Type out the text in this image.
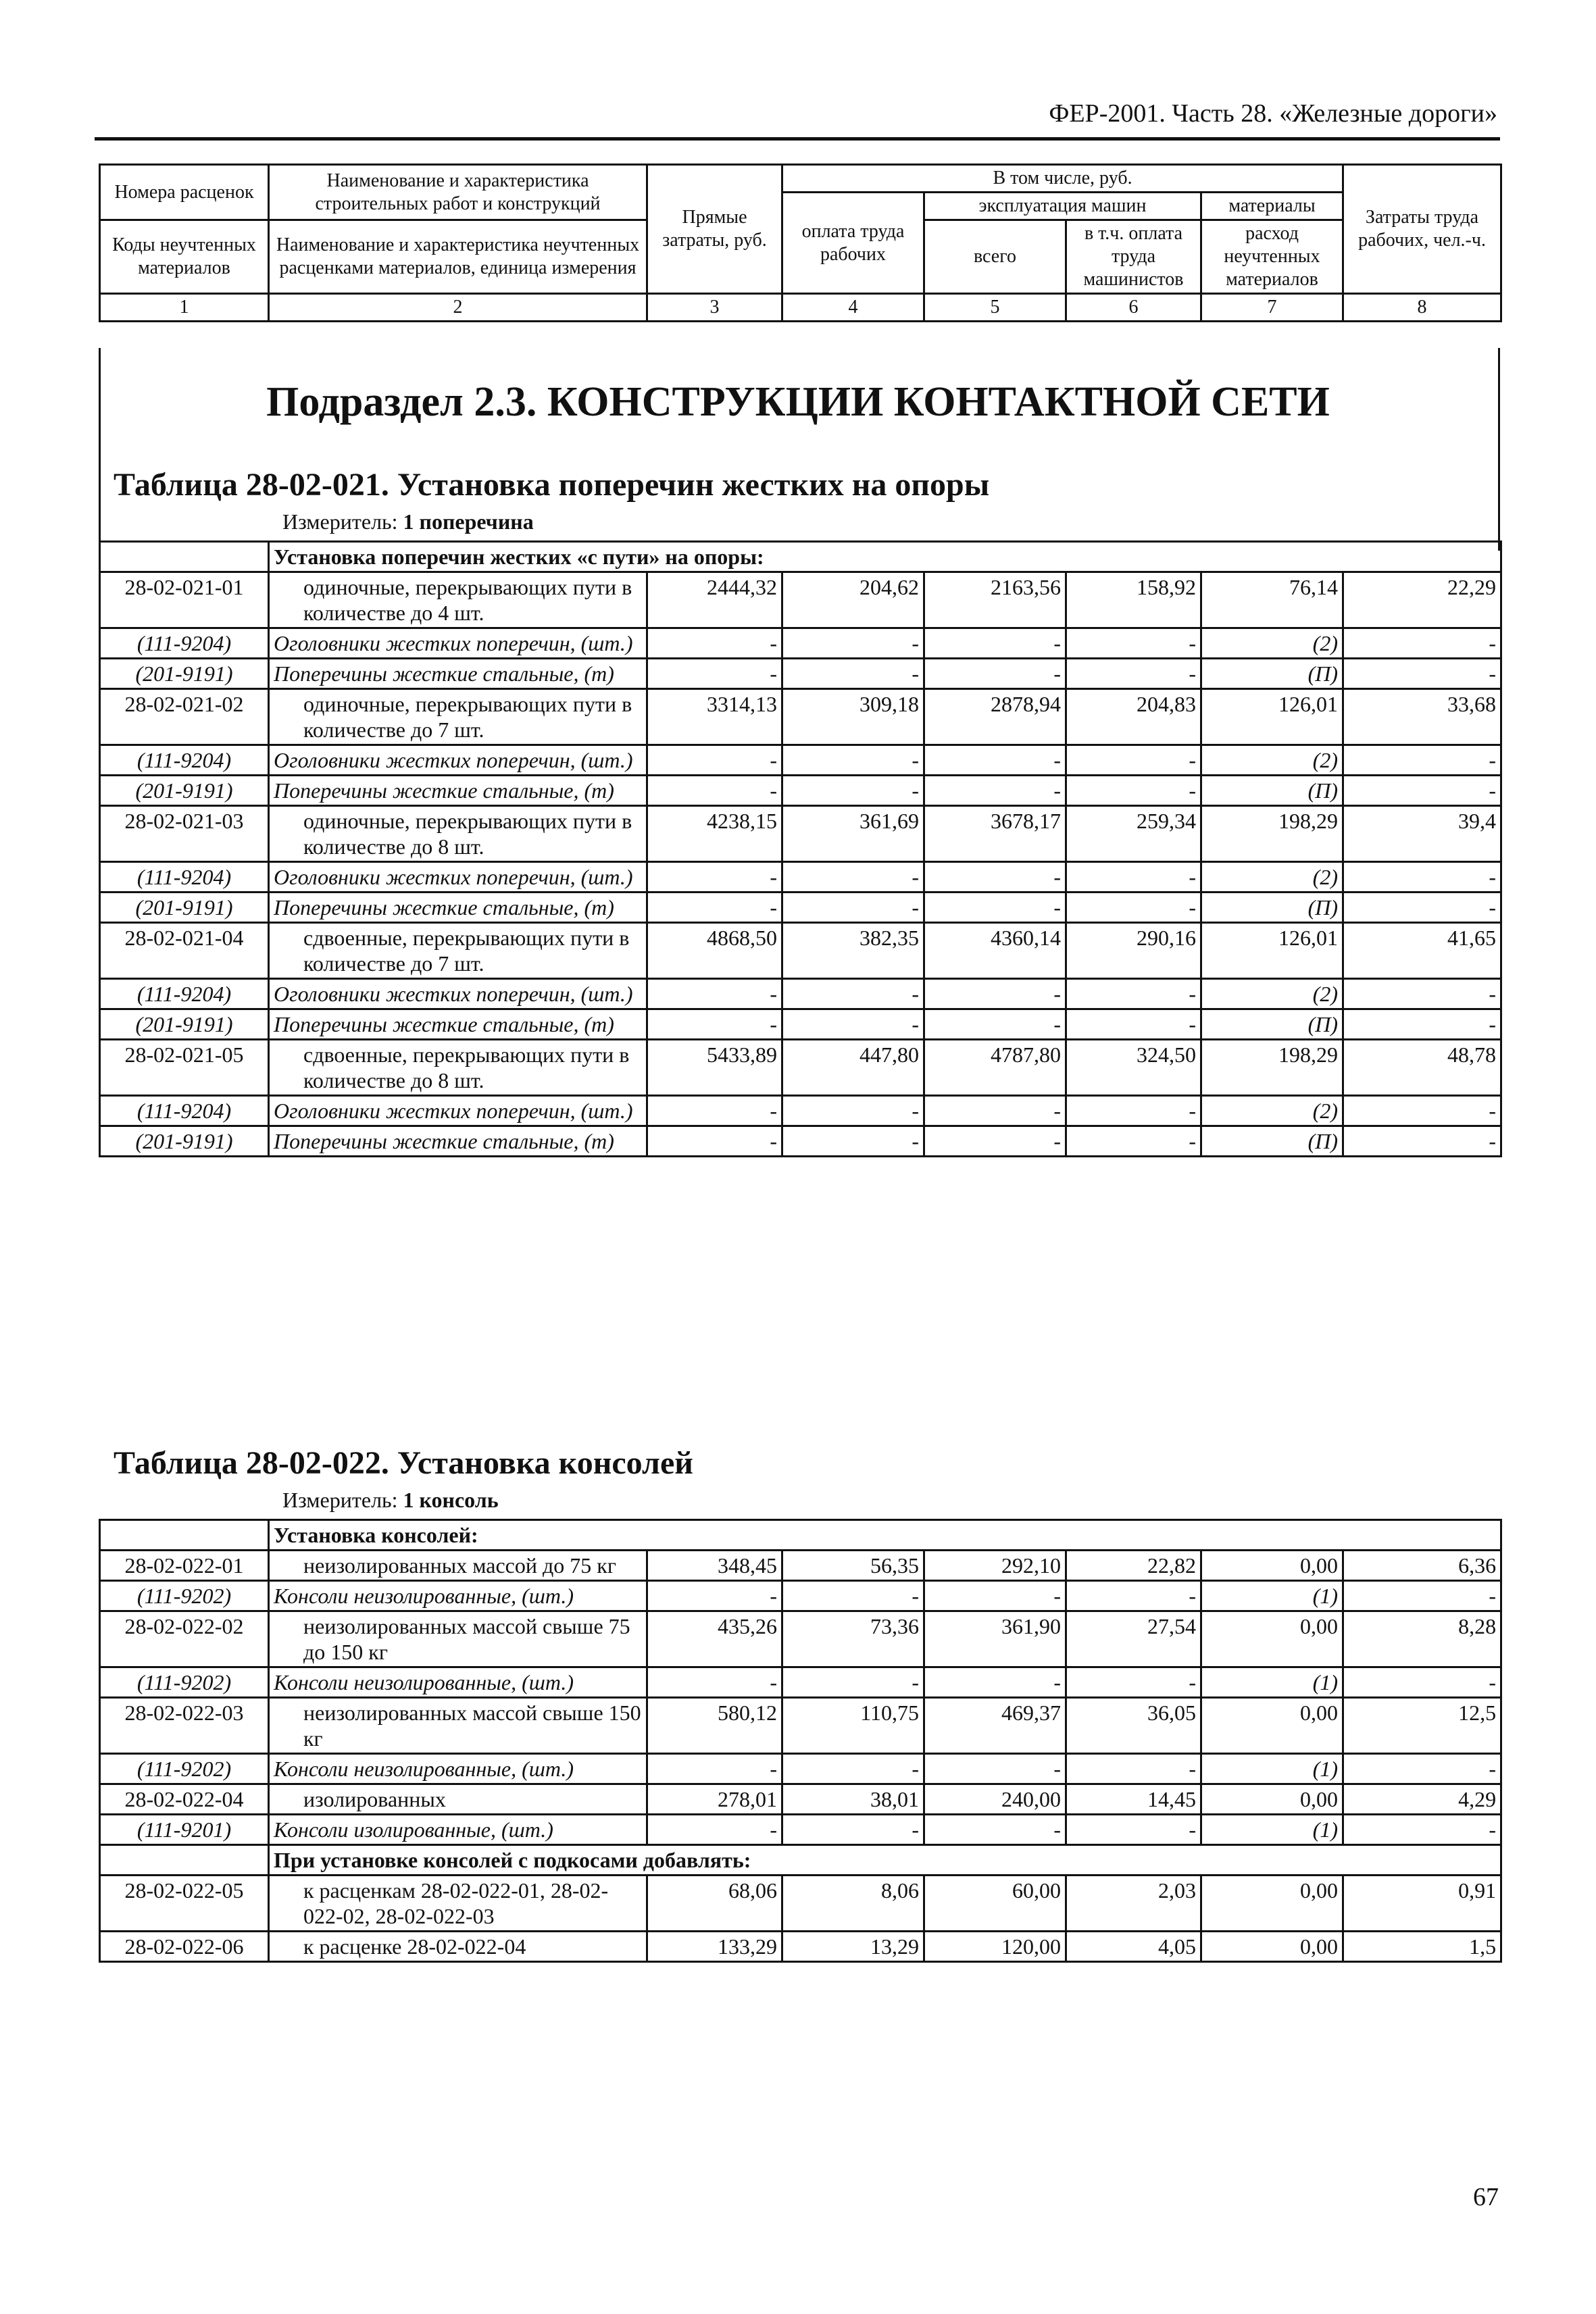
ФЕР-2001. Часть 28. «Железные дороги»
Номера расценок	Наименование и характеристика строительных работ и конструкций	Прямые затраты, руб.	В том числе, руб.				Затраты труда рабочих, чел.-ч.
			оплата труда рабочих	эксплуатация машин		материалы	
Коды неучтенных материалов	Наименование и характеристика неучтенных расценками материалов, единица измерения			всего	в т.ч. оплата труда машинистов	расход неучтенных материалов	

1	2	3	4	5	6	7	8
Подраздел 2.3. КОНСТРУКЦИИ КОНТАКТНОЙ СЕТИ
Таблица 28-02-021. Установка поперечин жестких на опоры
Измеритель: 1 поперечина
	Установка поперечин жестких «с пути» на опоры:						
28-02-021-01	одиночные, перекрывающих пути в количестве до 4 шт.	2444,32	204,62	2163,56	158,92	76,14	22,29
(111-9204)	Оголовники жестких поперечин, (шт.)	-	-	-	-	(2)	-
(201-9191)	Поперечины жесткие стальные, (т)	-	-	-	-	(П)	-
28-02-021-02	одиночные, перекрывающих пути в количестве до 7 шт.	3314,13	309,18	2878,94	204,83	126,01	33,68
(111-9204)	Оголовники жестких поперечин, (шт.)	-	-	-	-	(2)	-
(201-9191)	Поперечины жесткие стальные, (т)	-	-	-	-	(П)	-
28-02-021-03	одиночные, перекрывающих пути в количестве до 8 шт.	4238,15	361,69	3678,17	259,34	198,29	39,4
(111-9204)	Оголовники жестких поперечин, (шт.)	-	-	-	-	(2)	-
(201-9191)	Поперечины жесткие стальные, (т)	-	-	-	-	(П)	-
28-02-021-04	сдвоенные, перекрывающих пути в количестве до 7 шт.	4868,50	382,35	4360,14	290,16	126,01	41,65
(111-9204)	Оголовники жестких поперечин, (шт.)	-	-	-	-	(2)	-
(201-9191)	Поперечины жесткие стальные, (т)	-	-	-	-	(П)	-
28-02-021-05	сдвоенные, перекрывающих пути в количестве до 8 шт.	5433,89	447,80	4787,80	324,50	198,29	48,78
(111-9204)	Оголовники жестких поперечин, (шт.)	-	-	-	-	(2)	-
(201-9191)	Поперечины жесткие стальные, (т)	-	-	-	-	(П)	-
Таблица 28-02-022. Установка консолей
Измеритель: 1 консоль
	Установка консолей:						
28-02-022-01	неизолированных массой до 75 кг	348,45	56,35	292,10	22,82	0,00	6,36
(111-9202)	Консоли неизолированные, (шт.)	-	-	-	-	(1)	-
28-02-022-02	неизолированных массой свыше 75 до 150 кг	435,26	73,36	361,90	27,54	0,00	8,28
(111-9202)	Консоли неизолированные, (шт.)	-	-	-	-	(1)	-
28-02-022-03	неизолированных массой свыше 150 кг	580,12	110,75	469,37	36,05	0,00	12,5
(111-9202)	Консоли неизолированные, (шт.)	-	-	-	-	(1)	-
28-02-022-04	изолированных	278,01	38,01	240,00	14,45	0,00	4,29
(111-9201)	Консоли изолированные, (шт.)	-	-	-	-	(1)	-
	При установке консолей с подкосами добавлять:						
28-02-022-05	к расценкам 28-02-022-01, 28-02-022-02, 28-02-022-03	68,06	8,06	60,00	2,03	0,00	0,91
28-02-022-06	к расценке 28-02-022-04	133,29	13,29	120,00	4,05	0,00	1,5
67
